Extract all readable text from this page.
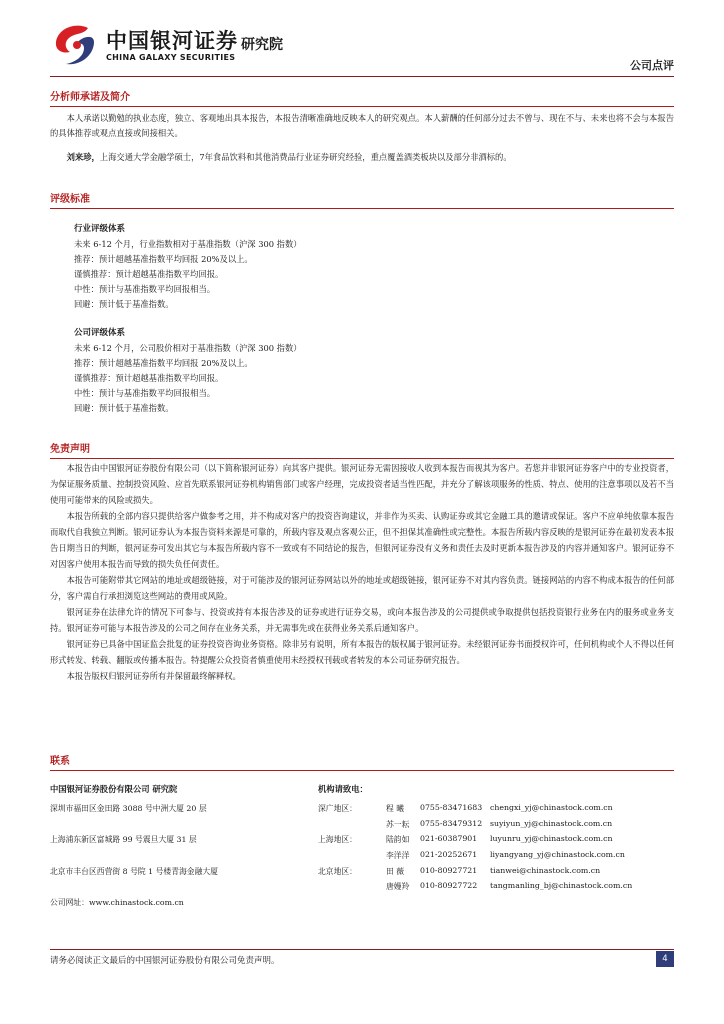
中国银河证券 研究院
CHINA GALAXY SECURITIES
公司点评
分析师承诺及简介
本人承诺以勤勉的执业态度，独立、客观地出具本报告，本报告清晰准确地反映本人的研究观点。本人薪酬的任何部分过去不曾与、现在不与、未来也将不会与本报告的具体推荐或观点直接或间接相关。
刘来珍，上海交通大学金融学硕士，7年食品饮料和其他消费品行业证券研究经验，重点覆盖酒类板块以及部分非酒标的。
评级标准
行业评级体系
未来 6-12 个月，行业指数相对于基准指数（沪深 300 指数）
推荐：预计超越基准指数平均回报 20%及以上。
谨慎推荐：预计超越基准指数平均回报。
中性：预计与基准指数平均回报相当。
回避：预计低于基准指数。
公司评级体系
未来 6-12 个月，公司股价相对于基准指数（沪深 300 指数）
推荐：预计超越基准指数平均回报 20%及以上。
谨慎推荐：预计超越基准指数平均回报。
中性：预计与基准指数平均回报相当。
回避：预计低于基准指数。
免责声明

本报告由中国银河证券股份有限公司（以下简称银河证券）向其客户提供。银河证券无需因接收人收到本报告而视其为客户。若您并非银河证券客户中的专业投资者，为保证服务质量、控制投资风险、应首先联系银河证券机构销售部门或客户经理，完成投资者适当性匹配，并充分了解该项服务的性质、特点、使用的注意事项以及若不当使用可能带来的风险或损失。

本报告所载的全部内容只提供给客户做参考之用，并不构成对客户的投资咨询建议，并非作为买卖、认购证券或其它金融工具的邀请或保证。客户不应单纯依靠本报告而取代自我独立判断。银河证券认为本报告资料来源是可靠的，所载内容及观点客观公正，但不担保其准确性或完整性。本报告所载内容反映的是银河证券在最初发表本报告日期当日的判断，银河证券可发出其它与本报告所载内容不一致或有不同结论的报告，但银河证券没有义务和责任去及时更新本报告涉及的内容并通知客户。银河证券不对因客户使用本报告而导致的损失负任何责任。

本报告可能附带其它网站的地址或超级链接，对于可能涉及的银河证券网站以外的地址或超级链接，银河证券不对其内容负责。链接网站的内容不构成本报告的任何部分，客户需自行承担浏览这些网站的费用或风险。

银河证券在法律允许的情况下可参与、投资或持有本报告涉及的证券或进行证券交易，或向本报告涉及的公司提供或争取提供包括投资银行业务在内的服务或业务支持。银河证券可能与本报告涉及的公司之间存在业务关系，并无需事先或在获得业务关系后通知客户。

银河证券已具备中国证监会批复的证券投资咨询业务资格。除非另有说明，所有本报告的版权属于银河证券。未经银河证券书面授权许可，任何机构或个人不得以任何形式转发、转载、翻版或传播本报告。特提醒公众投资者慎重使用未经授权刊载或者转发的本公司证券研究报告。

本报告版权归银河证券所有并保留最终解释权。

联系
中国银河证券股份有限公司 研究院	机构请致电：
深圳市福田区金田路 3088 号中洲大厦 20 层
上海浦东新区富城路 99 号震旦大厦 31 层
北京市丰台区西营街 8 号院 1 号楼青海金融大厦
深广地区：
上海地区：
北京地区：
程 曦 0755-83471683 chengxi_yj@chinastock.com.cn
苏一耘 0755-83479312 suyiyun_yj@chinastock.com.cn
陆韵如 021-60387901 luyunru_yj@chinastock.com.cn
李洋洋 021-20252671 liyangyang_yj@chinastock.com.cn
田 薇 010-80927721 tianwei@chinastock.com.cn
唐嫚羚 010-80927722 tangmanling_bj@chinastock.com.cn
公司网址：www.chinastock.com.cn
请务必阅读正文最后的中国银河证券股份有限公司免责声明。	4
